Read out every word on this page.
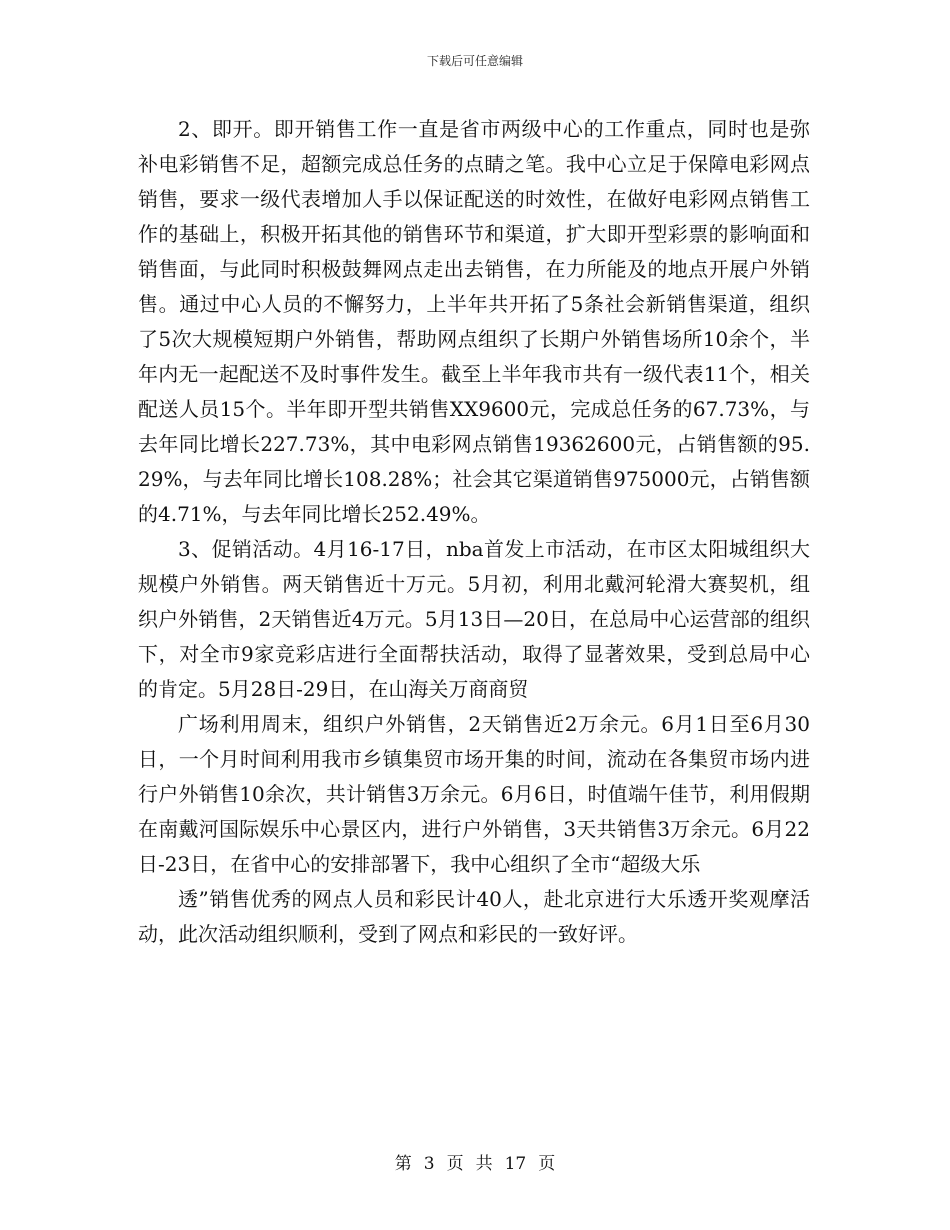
下载后可任意编辑

2、即开。即开销售工作一直是省市两级中心的工作重点，同时也是弥补电彩销售不足，超额完成总任务的点睛之笔。我中心立足于保障电彩网点销售，要求一级代表增加人手以保证配送的时效性，在做好电彩网点销售工作的基础上，积极开拓其他的销售环节和渠道，扩大即开型彩票的影响面和销售面，与此同时积极鼓舞网点走出去销售，在力所能及的地点开展户外销售。通过中心人员的不懈努力，上半年共开拓了5条社会新销售渠道，组织了5次大规模短期户外销售，帮助网点组织了长期户外销售场所10余个，半年内无一起配送不及时事件发生。截至上半年我市共有一级代表11个，相关配送人员15个。半年即开型共销售XX9600元，完成总任务的67.73%，与去年同比增长227.73%，其中电彩网点销售19362600元，占销售额的95.29%，与去年同比增长108.28%；社会其它渠道销售975000元，占销售额的4.71%，与去年同比增长252.49%。

3、促销活动。4月16-17日，nba首发上市活动，在市区太阳城组织大规模户外销售。两天销售近十万元。5月初，利用北戴河轮滑大赛契机，组织户外销售，2天销售近4万元。5月13日—20日，在总局中心运营部的组织下，对全市9家竞彩店进行全面帮扶活动，取得了显著效果，受到总局中心的肯定。5月28日-29日，在山海关万商商贸

广场利用周末，组织户外销售，2天销售近2万余元。6月1日至6月30日，一个月时间利用我市乡镇集贸市场开集的时间，流动在各集贸市场内进行户外销售10余次，共计销售3万余元。6月6日，时值端午佳节，利用假期在南戴河国际娱乐中心景区内，进行户外销售，3天共销售3万余元。6月22日-23日，在省中心的安排部署下，我中心组织了全市“超级大乐

透”销售优秀的网点人员和彩民计40人，赴北京进行大乐透开奖观摩活动，此次活动组织顺利，受到了网点和彩民的一致好评。

第 3 页 共 17 页
